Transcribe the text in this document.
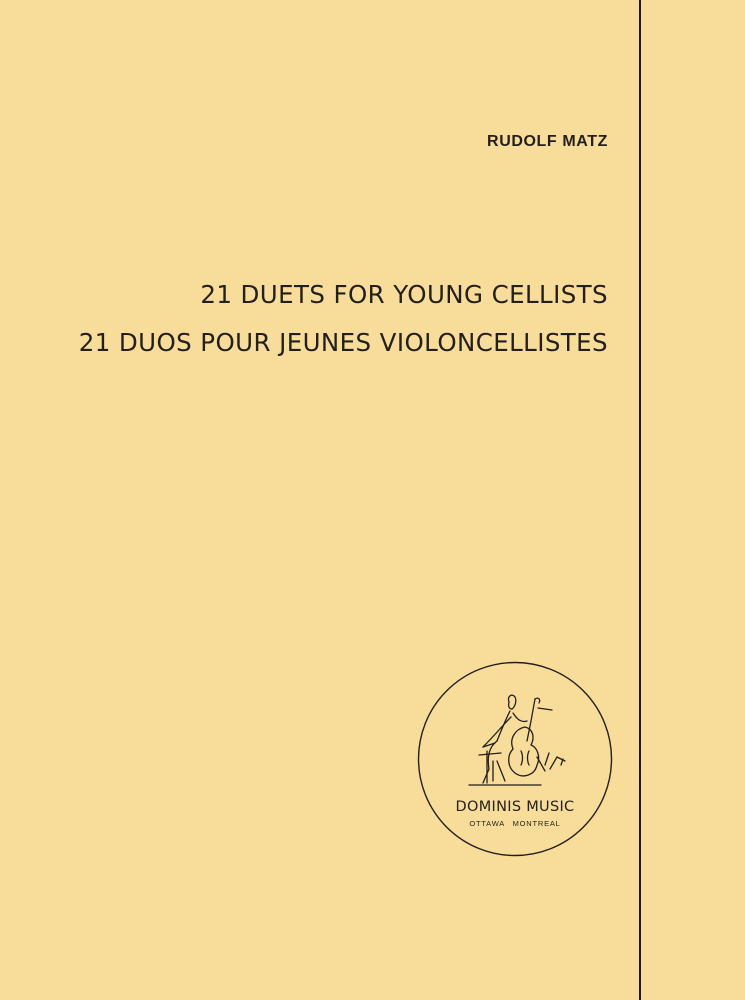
RUDOLF MATZ
21 DUETS FOR YOUNG CELLISTS
21 DUOS POUR JEUNES VIOLONCELLISTES
DOMINIS MUSIC
OTTAWA MONTREAL
